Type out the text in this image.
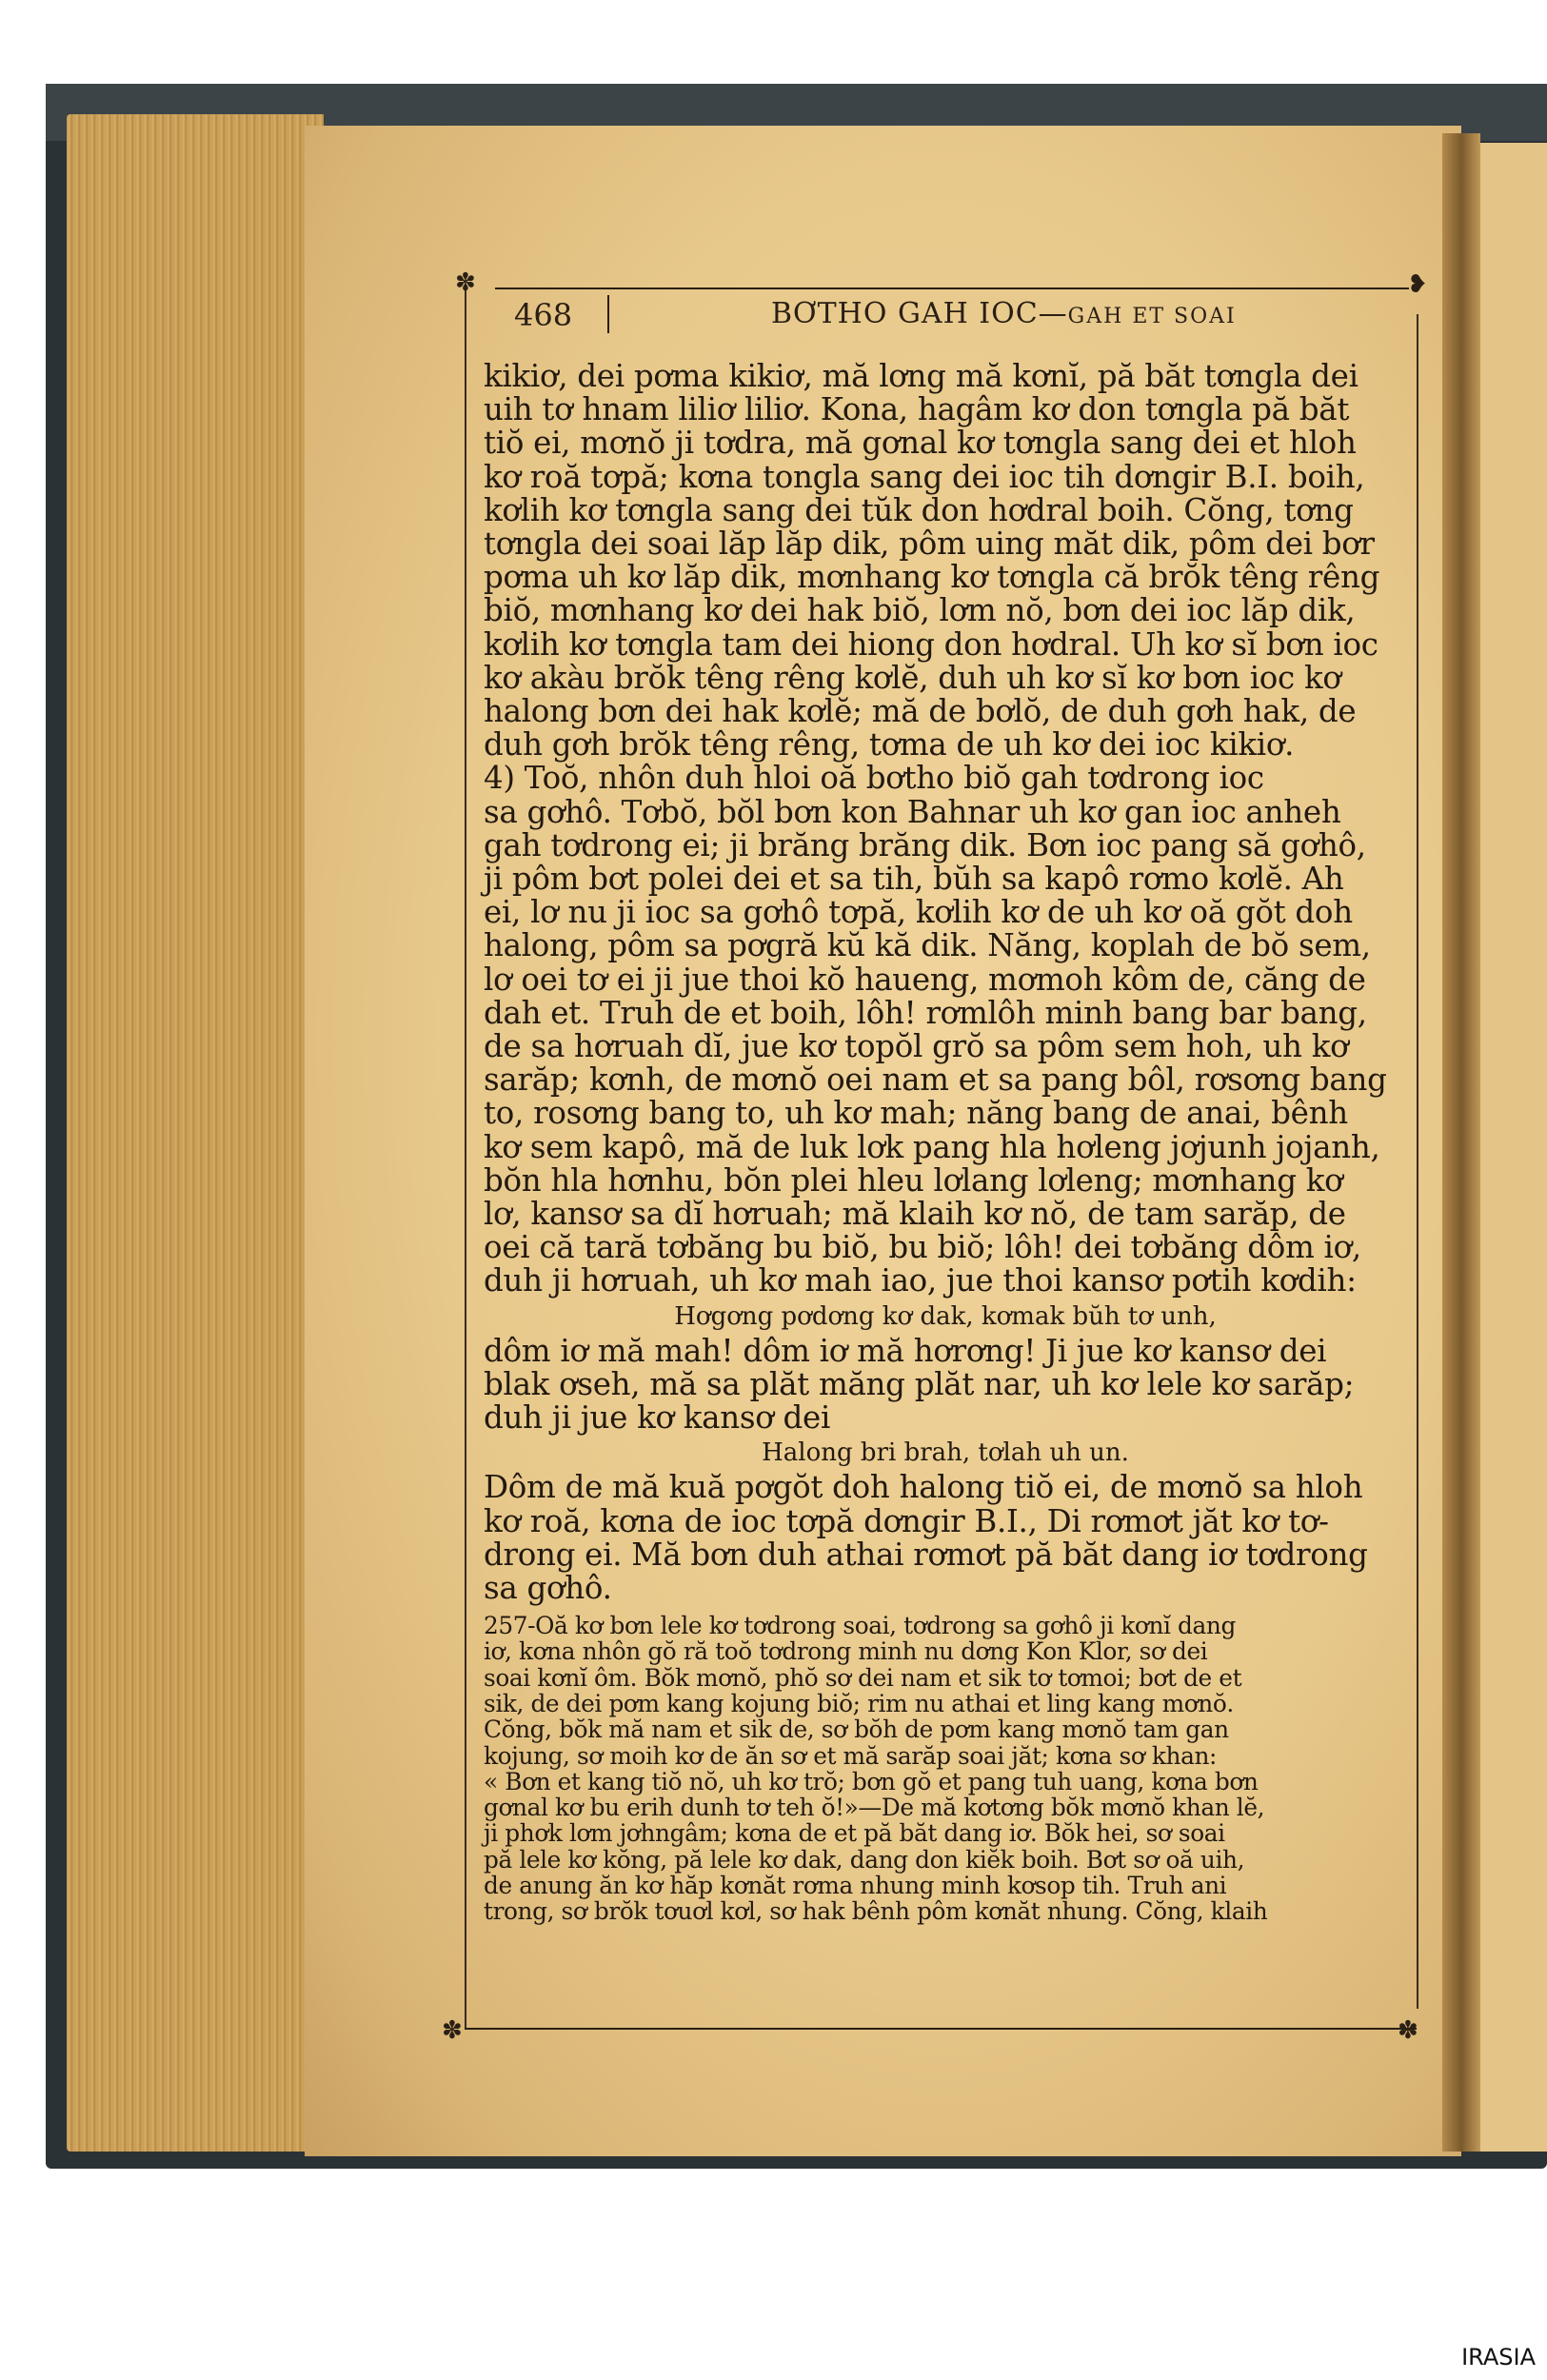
✽	❥
✽	✽
468	BƠTHO GAH IOC—GAH ET SOAI
kikiơ, dei pơma kikiơ, mă lơng mă kơnĭ, pă băt tơngla dei
uih tơ hnam liliơ liliơ. Kona, hagâm kơ don tơngla pă băt
tiŏ ei, mơnŏ ji tơdra, mă gơnal kơ tơngla sang dei et hloh
kơ roă tơpă; kơna tongla sang dei ioc tih dơngir B.I. boih,
kơlih kơ tơngla sang dei tŭk don hơdral boih. Cŏng, tơng
tơngla dei soai lăp lăp dik, pôm uing măt dik, pôm dei bơr
pơma uh kơ lăp dik, mơnhang kơ tơngla că brŏk têng rêng
biŏ, mơnhang kơ dei hak biŏ, lơm nŏ, bơn dei ioc lăp dik,
kơlih kơ tơngla tam dei hiong don hơdral. Uh kơ sĭ bơn ioc
kơ akàu brŏk têng rêng kơlĕ, duh uh kơ sĭ kơ bơn ioc kơ
halong bơn dei hak kơlĕ; mă de bơlŏ, de duh gơh hak, de
duh gơh brŏk têng rêng, tơma de uh kơ dei ioc kikiơ.
4) Toŏ, nhôn duh hloi oă bơtho biŏ gah tơdrong ioc
sa gơhô. Tơbŏ, bŏl bơn kon Bahnar uh kơ gan ioc anheh
gah tơdrong ei; ji brăng brăng dik. Bơn ioc pang să gơhô,
ji pôm bơt polei dei et sa tih, bŭh sa kapô rơmo kơlĕ. Ah
ei, lơ nu ji ioc sa gơhô tơpă, kơlih kơ de uh kơ oă gŏt doh
halong, pôm sa pơgră kŭ kă dik. Năng, koplah de bŏ sem,
lơ oei tơ ei ji jue thoi kŏ haueng, mơmoh kôm de, căng de
dah et. Truh de et boih, lôh! rơmlôh minh bang bar bang,
de sa hơruah dĭ, jue kơ topŏl grŏ sa pôm sem hoh, uh kơ
sarăp; kơnh, de mơnŏ oei nam et sa pang bôl, rơsơng bang
to, rosơng bang to, uh kơ mah; năng bang de anai, bênh
kơ sem kapô, mă de luk lơk pang hla hơleng jơjunh jojanh,
bŏn hla hơnhu, bŏn plei hleu lơlang lơleng; mơnhang kơ
lơ, kansơ sa dĭ hơruah; mă klaih kơ nŏ, de tam sarăp, de
oei că tară tơbăng bu biŏ, bu biŏ; lôh! dei tơbăng dôm iơ,
duh ji hơruah, uh kơ mah iao, jue thoi kansơ pơtih kơdih:
Hơgơng pơdơng kơ dak, kơmak bŭh tơ unh,
dôm iơ mă mah! dôm iơ mă hơrơng! Ji jue kơ kansơ dei
blak ơseh, mă sa plăt măng plăt nar, uh kơ lele kơ sarăp;
duh ji jue kơ kansơ dei
Halong bri brah, tơlah uh un.
Dôm de mă kuă pơgŏt doh halong tiŏ ei, de mơnŏ sa hloh
kơ roă, kơna de ioc tơpă dơngir B.I., Di rơmơt jăt kơ tơ-
drong ei. Mă bơn duh athai rơmơt pă băt dang iơ tơdrong
sa gơhô.
257-Oă kơ bơn lele kơ tơdrong soai, tơdrong sa gơhô ji kơnĭ dang
iơ, kơna nhôn gŏ ră toŏ tơdrong minh nu dơng Kon Klor, sơ dei
soai kơnĭ ôm. Bŏk mơnŏ, phŏ sơ dei nam et sik tơ tơmoi; bơt de et
sik, de dei pơm kang kojung biŏ; rim nu athai et ling kang mơnŏ.
Cŏng, bŏk mă nam et sik de, sơ bŏh de pơm kang mơnŏ tam gan
kojung, sơ moih kơ de ăn sơ et mă sarăp soai jăt; kơna sơ khan:
« Bơn et kang tiŏ nŏ, uh kơ trŏ; bơn gŏ et pang tuh uang, kơna bơn
gơnal kơ bu erih dunh tơ teh ŏ!»—De mă kơtơng bŏk mơnŏ khan lĕ,
ji phơk lơm jơhngâm; kơna de et pă băt dang iơ. Bŏk hei, sơ soai
pă lele kơ kŏng, pă lele kơ dak, dang don kiĕk boih. Bơt sơ oă uih,
de anung ăn kơ hăp kơnăt rơma nhung minh kơsop tih. Truh ani
trong, sơ brŏk tơuơl kơl, sơ hak bênh pôm kơnăt nhung. Cŏng, klaih
IRASIA
